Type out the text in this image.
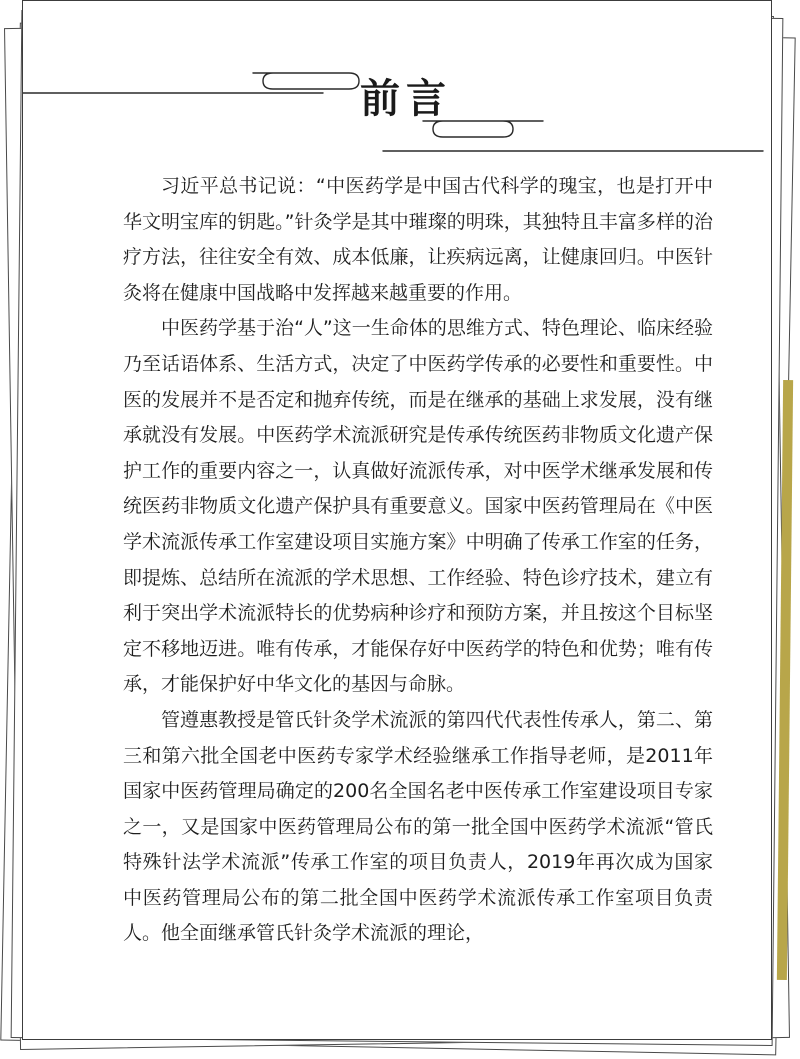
前言

习近平总书记说：“中医药学是中国古代科学的瑰宝，也是打开中华文明宝库的钥匙。”针灸学是其中璀璨的明珠，其独特且丰富多样的治疗方法，往往安全有效、成本低廉，让疾病远离，让健康回归。中医针灸将在健康中国战略中发挥越来越重要的作用。

中医药学基于治“人”这一生命体的思维方式、特色理论、临床经验乃至话语体系、生活方式，决定了中医药学传承的必要性和重要性。中医的发展并不是否定和抛弃传统，而是在继承的基础上求发展，没有继承就没有发展。中医药学术流派研究是传承传统医药非物质文化遗产保护工作的重要内容之一，认真做好流派传承，对中医学术继承发展和传统医药非物质文化遗产保护具有重要意义。国家中医药管理局在《中医学术流派传承工作室建设项目实施方案》中明确了传承工作室的任务，即提炼、总结所在流派的学术思想、工作经验、特色诊疗技术，建立有利于突出学术流派特长的优势病种诊疗和预防方案，并且按这个目标坚定不移地迈进。唯有传承，才能保存好中医药学的特色和优势；唯有传承，才能保护好中华文化的基因与命脉。

管遵惠教授是管氏针灸学术流派的第四代代表性传承人，第二、第三和第六批全国老中医药专家学术经验继承工作指导老师，是2011年国家中医药管理局确定的200名全国名老中医传承工作室建设项目专家之一，又是国家中医药管理局公布的第一批全国中医药学术流派“管氏特殊针法学术流派”传承工作室的项目负责人，2019年再次成为国家中医药管理局公布的第二批全国中医药学术流派传承工作室项目负责人。他全面继承管氏针灸学术流派的理论，
